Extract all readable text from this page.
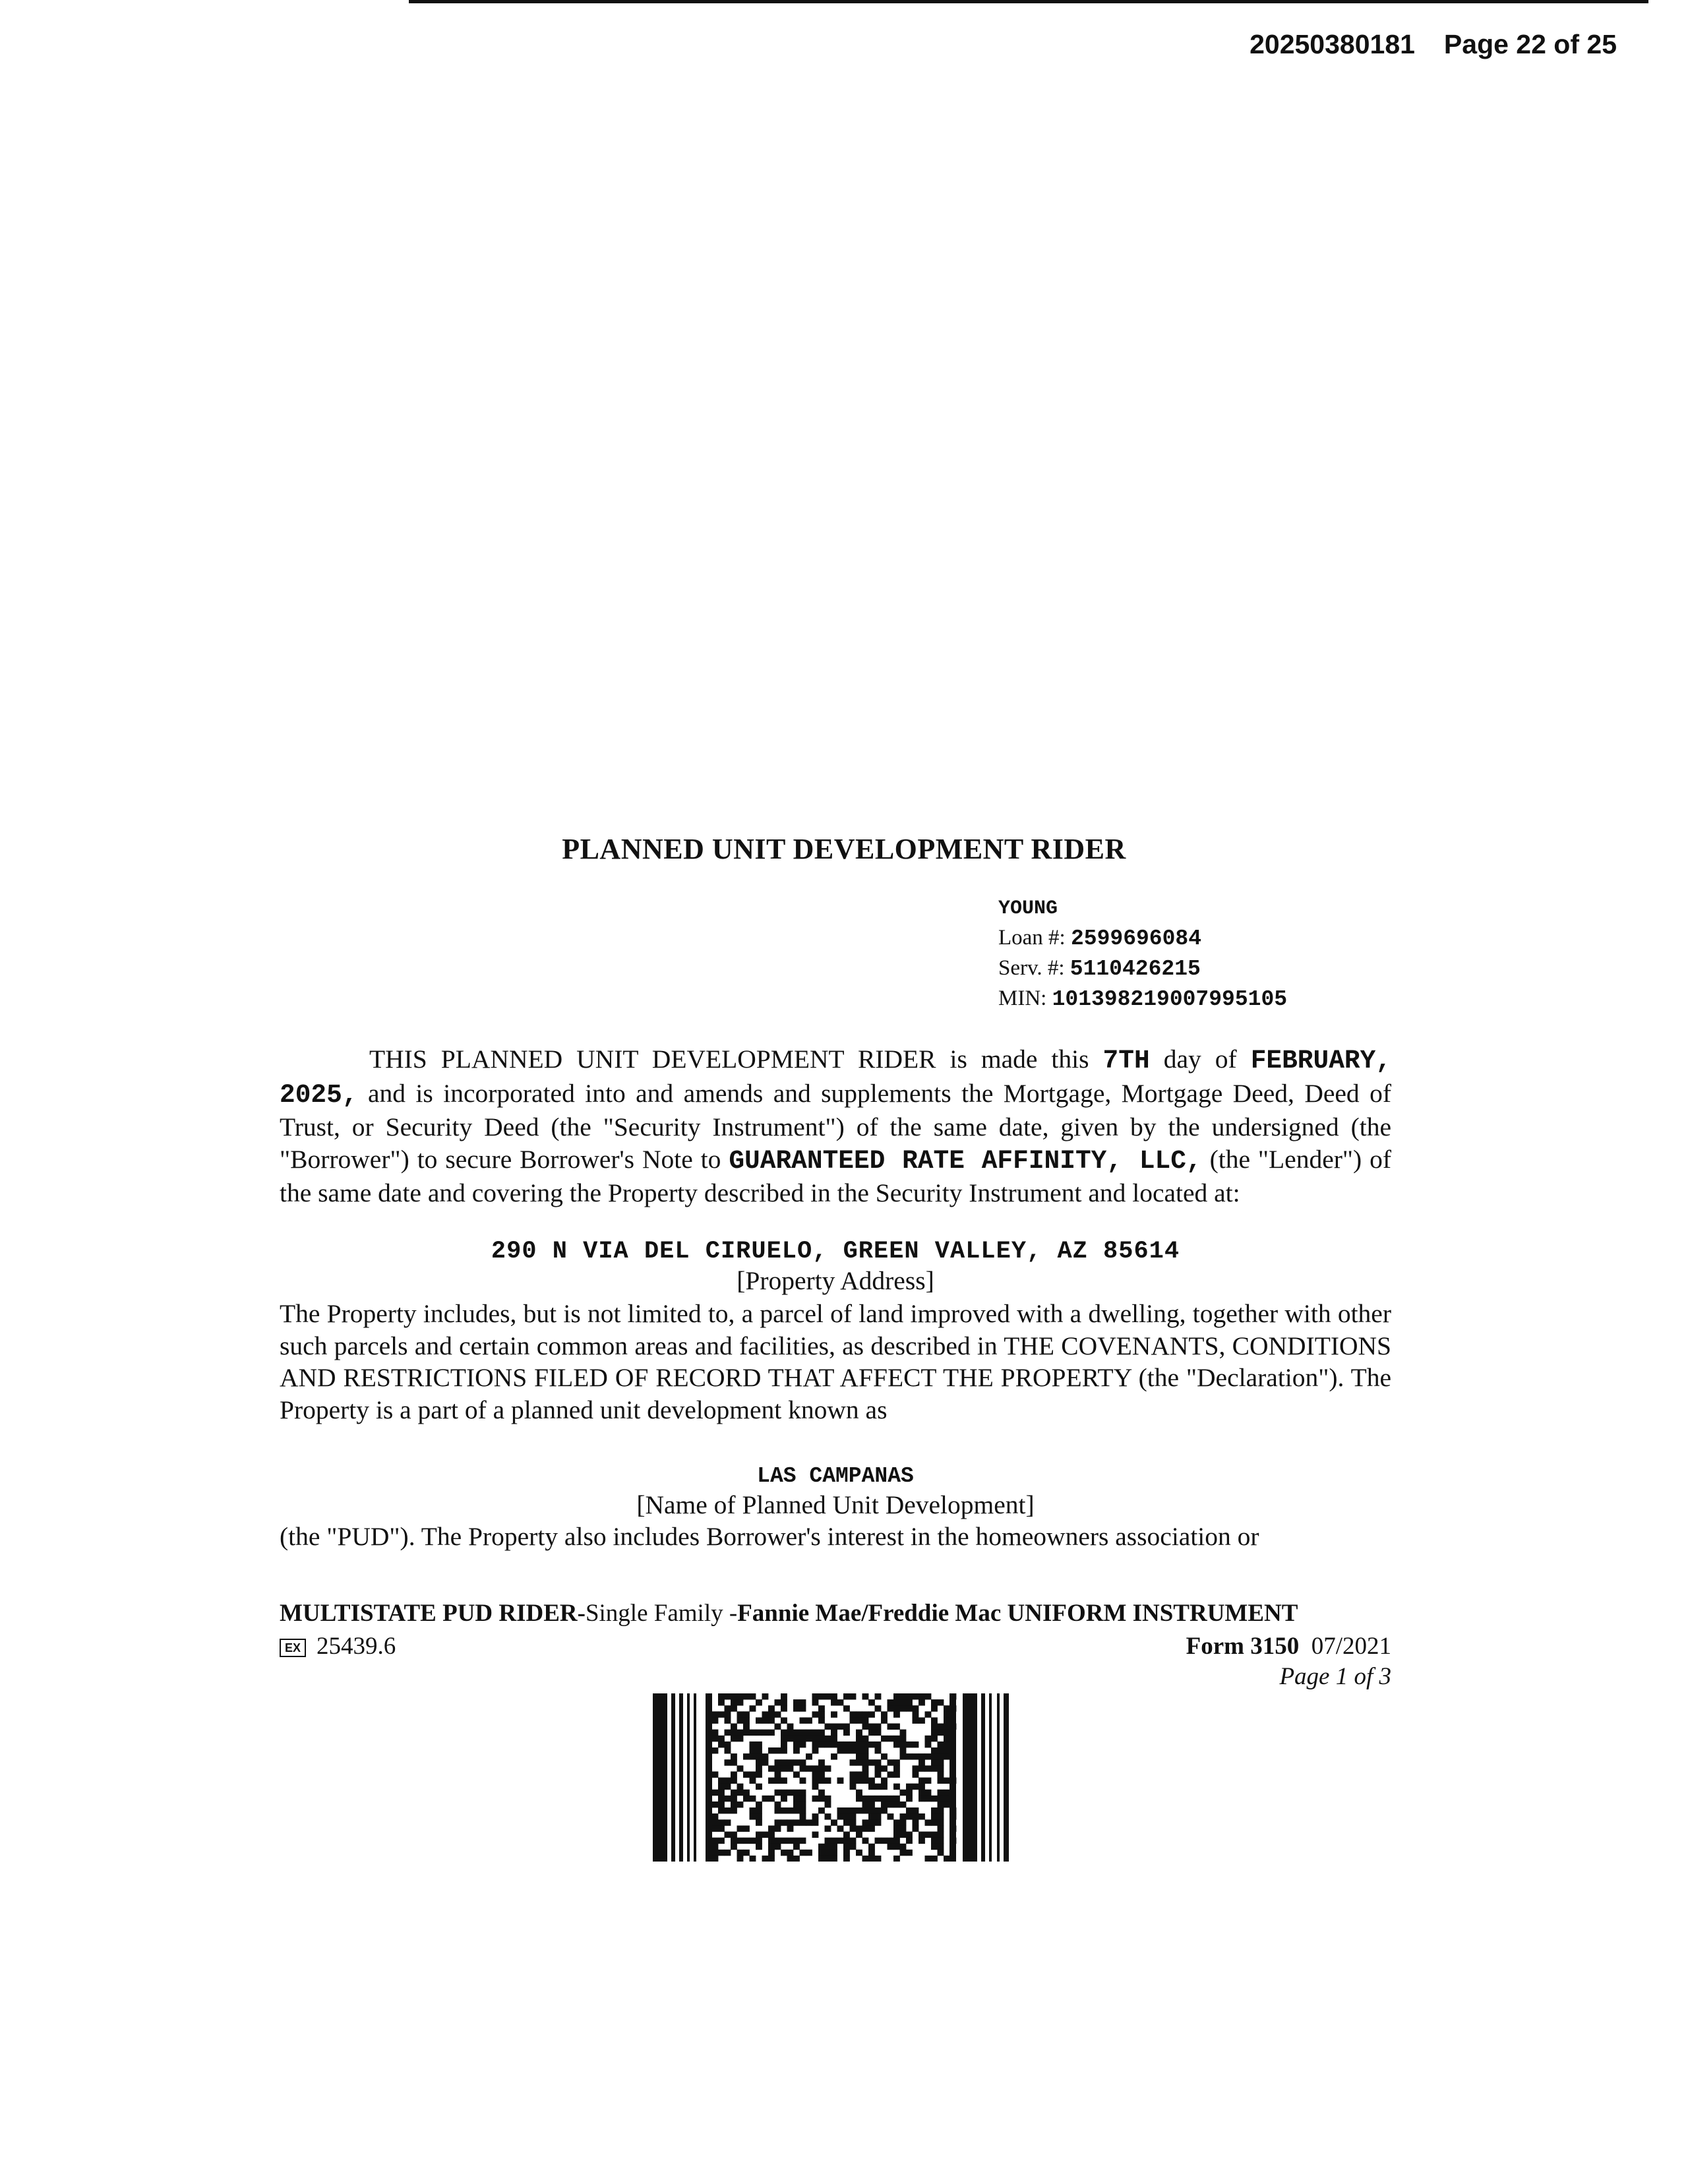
20250380181 Page 22 of 25
PLANNED UNIT DEVELOPMENT RIDER
YOUNG
Loan #: 2599696084
Serv. #: 5110426215
MIN: 101398219007995105
THIS PLANNED UNIT DEVELOPMENT RIDER is made this 7TH day of FEBRUARY, 2025, and is incorporated into and amends and supplements the Mortgage, Mortgage Deed, Deed of Trust, or Security Deed (the "Security Instrument") of the same date, given by the undersigned (the "Borrower") to secure Borrower's Note to GUARANTEED RATE AFFINITY, LLC, (the "Lender") of the same date and covering the Property described in the Security Instrument and located at:
290 N VIA DEL CIRUELO, GREEN VALLEY, AZ 85614
[Property Address]
The Property includes, but is not limited to, a parcel of land improved with a dwelling, together with other such parcels and certain common areas and facilities, as described in THE COVENANTS, CONDITIONS AND RESTRICTIONS FILED OF RECORD THAT AFFECT THE PROPERTY (the "Declaration"). The Property is a part of a planned unit development known as
LAS CAMPANAS
[Name of Planned Unit Development]
(the "PUD"). The Property also includes Borrower's interest in the homeowners association or
MULTISTATE PUD RIDER-Single Family -Fannie Mae/Freddie Mac UNIFORM INSTRUMENT
EX 25439.6	Form 3150 07/2021
Page 1 of 3
